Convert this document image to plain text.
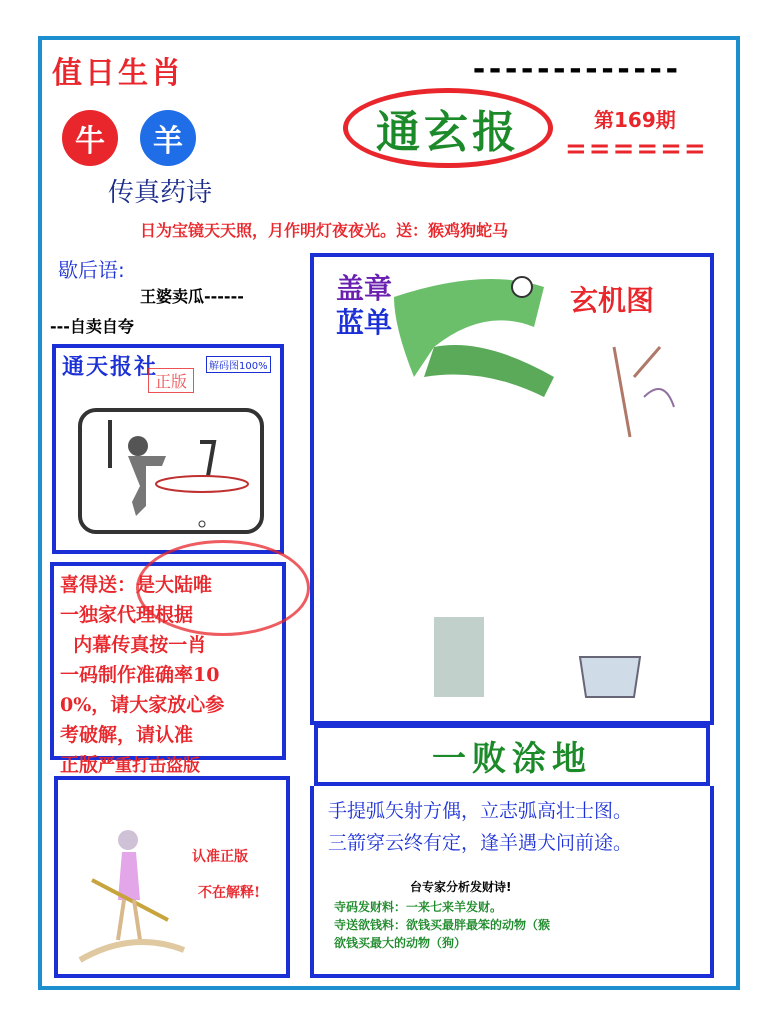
值日生肖	-------------
牛	羊
传真药诗
通玄报	第169期
======
日为宝镜天天照，月作明灯夜夜光。送：猴鸡狗蛇马
歇后语:
王婆卖瓜------
---自卖自夸
通天报社	解码图100%
正版
喜得送：是大陆唯
一独家代理根据
内幕传真按一肖
一码制作准确率10
0%，请大家放心参
考破解，请认准
正版严重打击盗版
认准正版
不在解释!
盖章
蓝单
玄机图
一败涂地
手提弧矢射方偶，立志弧高壮士图。
三箭穿云终有定，逢羊遇犬问前途。
台专家分析发财诗!
寺码发财料：一来七来羊发财。
寺送欲钱料：欲钱买最胖最笨的动物（猴
欲钱买最大的动物（狗）
